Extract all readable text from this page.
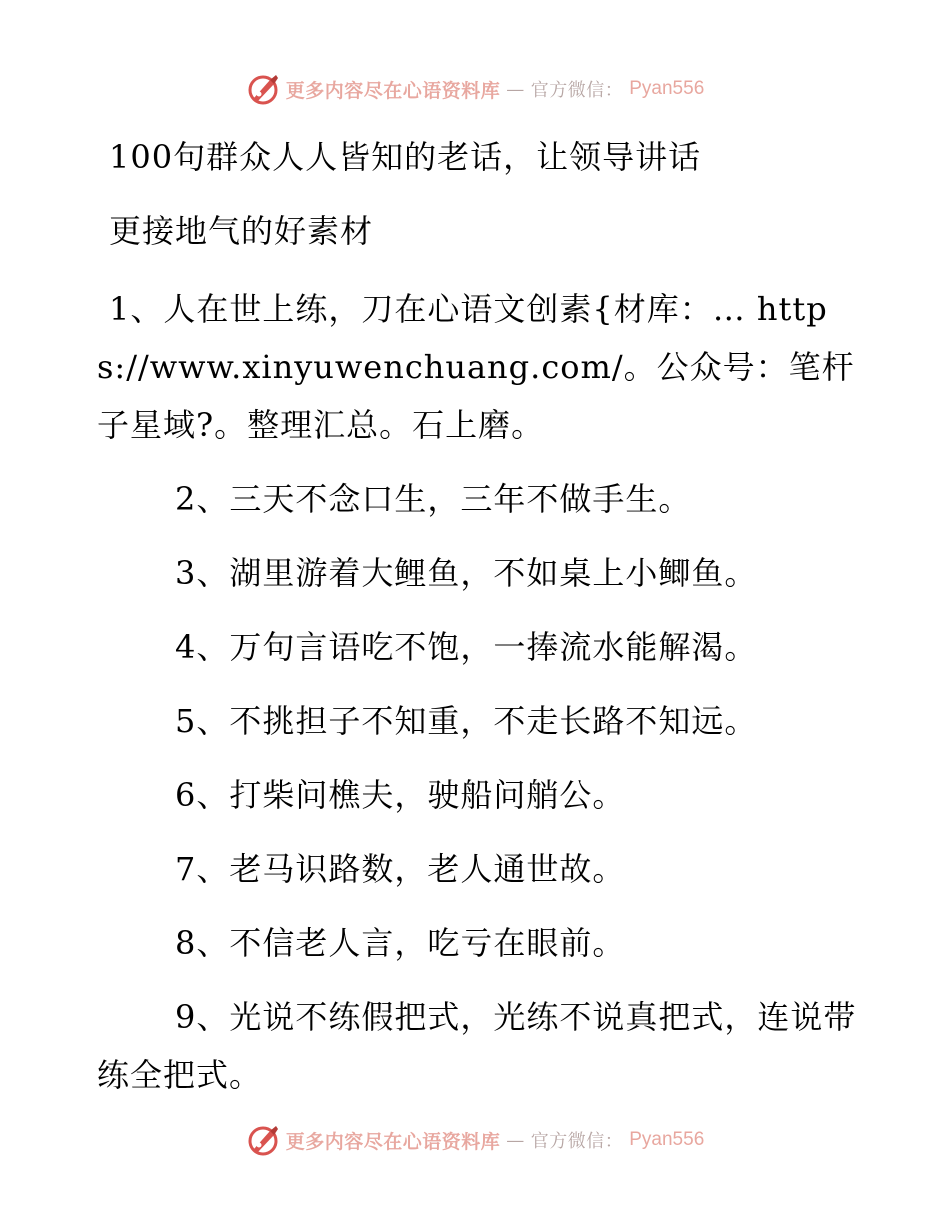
更多内容尽在心语资料库 — 官方微信： Pyan556
100句群众人人皆知的老话，让领导讲话
更接地气的好素材

1、人在世上练，刀在心语文创素{材库：… https://www.xinyuwenchuang.com/。公众号：笔杆子星域?。整理汇总。石上磨。

2、三天不念口生，三年不做手生。

3、湖里游着大鲤鱼，不如桌上小鲫鱼。

4、万句言语吃不饱，一捧流水能解渴。

5、不挑担子不知重，不走长路不知远。

6、打柴问樵夫，驶船问艄公。

7、老马识路数，老人通世故。

8、不信老人言，吃亏在眼前。

9、光说不练假把式，光练不说真把式，连说带练全把式。

更多内容尽在心语资料库 — 官方微信： Pyan556
